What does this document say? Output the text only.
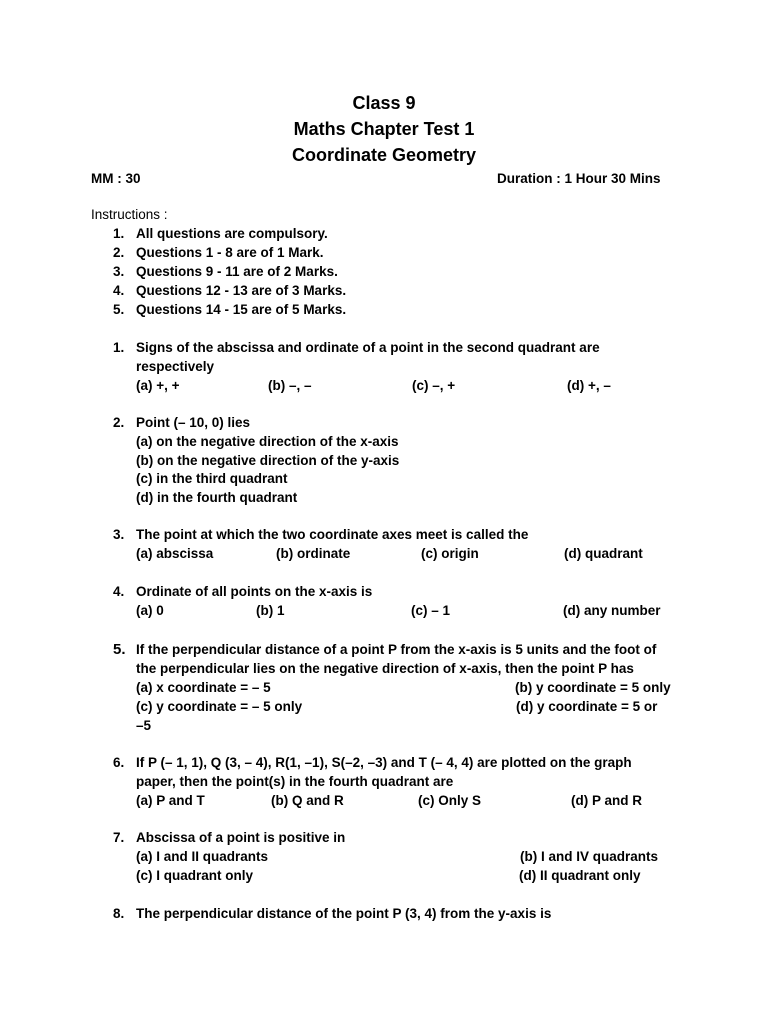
Class 9
Maths Chapter Test 1
Coordinate Geometry
MM : 30	Duration : 1 Hour 30 Mins
Instructions :
1. All questions are compulsory.
2. Questions 1 - 8 are of 1 Mark.
3. Questions 9 - 11 are of 2 Marks.
4. Questions 12 - 13 are of 3 Marks.
5. Questions 14 - 15 are of 5 Marks.
1. Signs of the abscissa and ordinate of a point in the second quadrant are
respectively
(a) +, +	(b) –, –	(c) –, +	(d) +, –
2. Point (– 10, 0) lies
(a) on the negative direction of the x-axis
(b) on the negative direction of the y-axis
(c) in the third quadrant
(d) in the fourth quadrant
3. The point at which the two coordinate axes meet is called the
(a) abscissa	(b) ordinate	(c) origin	(d) quadrant
4. Ordinate of all points on the x-axis is
(a) 0	(b) 1	(c) – 1	(d) any number
5. If the perpendicular distance of a point P from the x-axis is 5 units and the foot of
the perpendicular lies on the negative direction of x-axis, then the point P has
(a) x coordinate = – 5	(b) y coordinate = 5 only
(c) y coordinate = – 5 only	(d) y coordinate = 5 or
–5
6. If P (– 1, 1), Q (3, – 4), R(1, –1), S(–2, –3) and T (– 4, 4) are plotted on the graph
paper, then the point(s) in the fourth quadrant are
(a) P and T	(b) Q and R	(c) Only S	(d) P and R
7. Abscissa of a point is positive in
(a) I and II quadrants	(b) I and IV quadrants
(c) I quadrant only	(d) II quadrant only
8. The perpendicular distance of the point P (3, 4) from the y-axis is
